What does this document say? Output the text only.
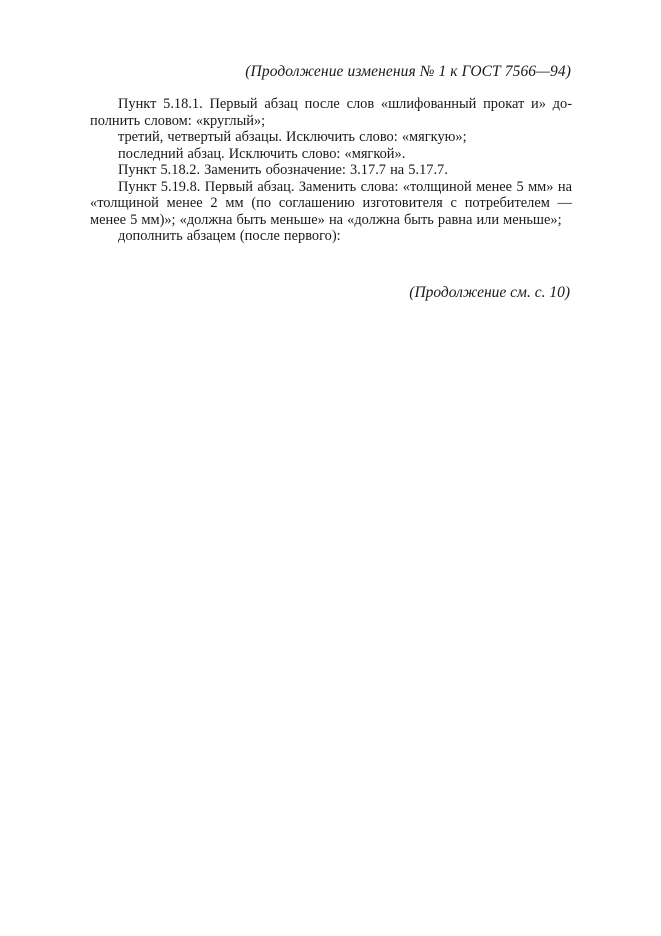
(Продолжение изменения № 1 к ГОСТ 7566—94)

Пункт 5.18.1. Первый абзац после слов «шлифованный прокат и» дополнить словом: «круглый»;

третий, четвертый абзацы. Исключить слово: «мягкую»;

последний абзац. Исключить слово: «мягкой».

Пункт 5.18.2. Заменить обозначение: 3.17.7 на 5.17.7.

Пункт 5.19.8. Первый абзац. Заменить слова: «толщиной менее 5 мм» на «толщиной менее 2 мм (по соглашению изготовителя с потребителем — менее 5 мм)»; «должна быть меньше» на «должна быть равна или меньше»;

дополнить абзацем (после первого):

(Продолжение см. с. 10)
